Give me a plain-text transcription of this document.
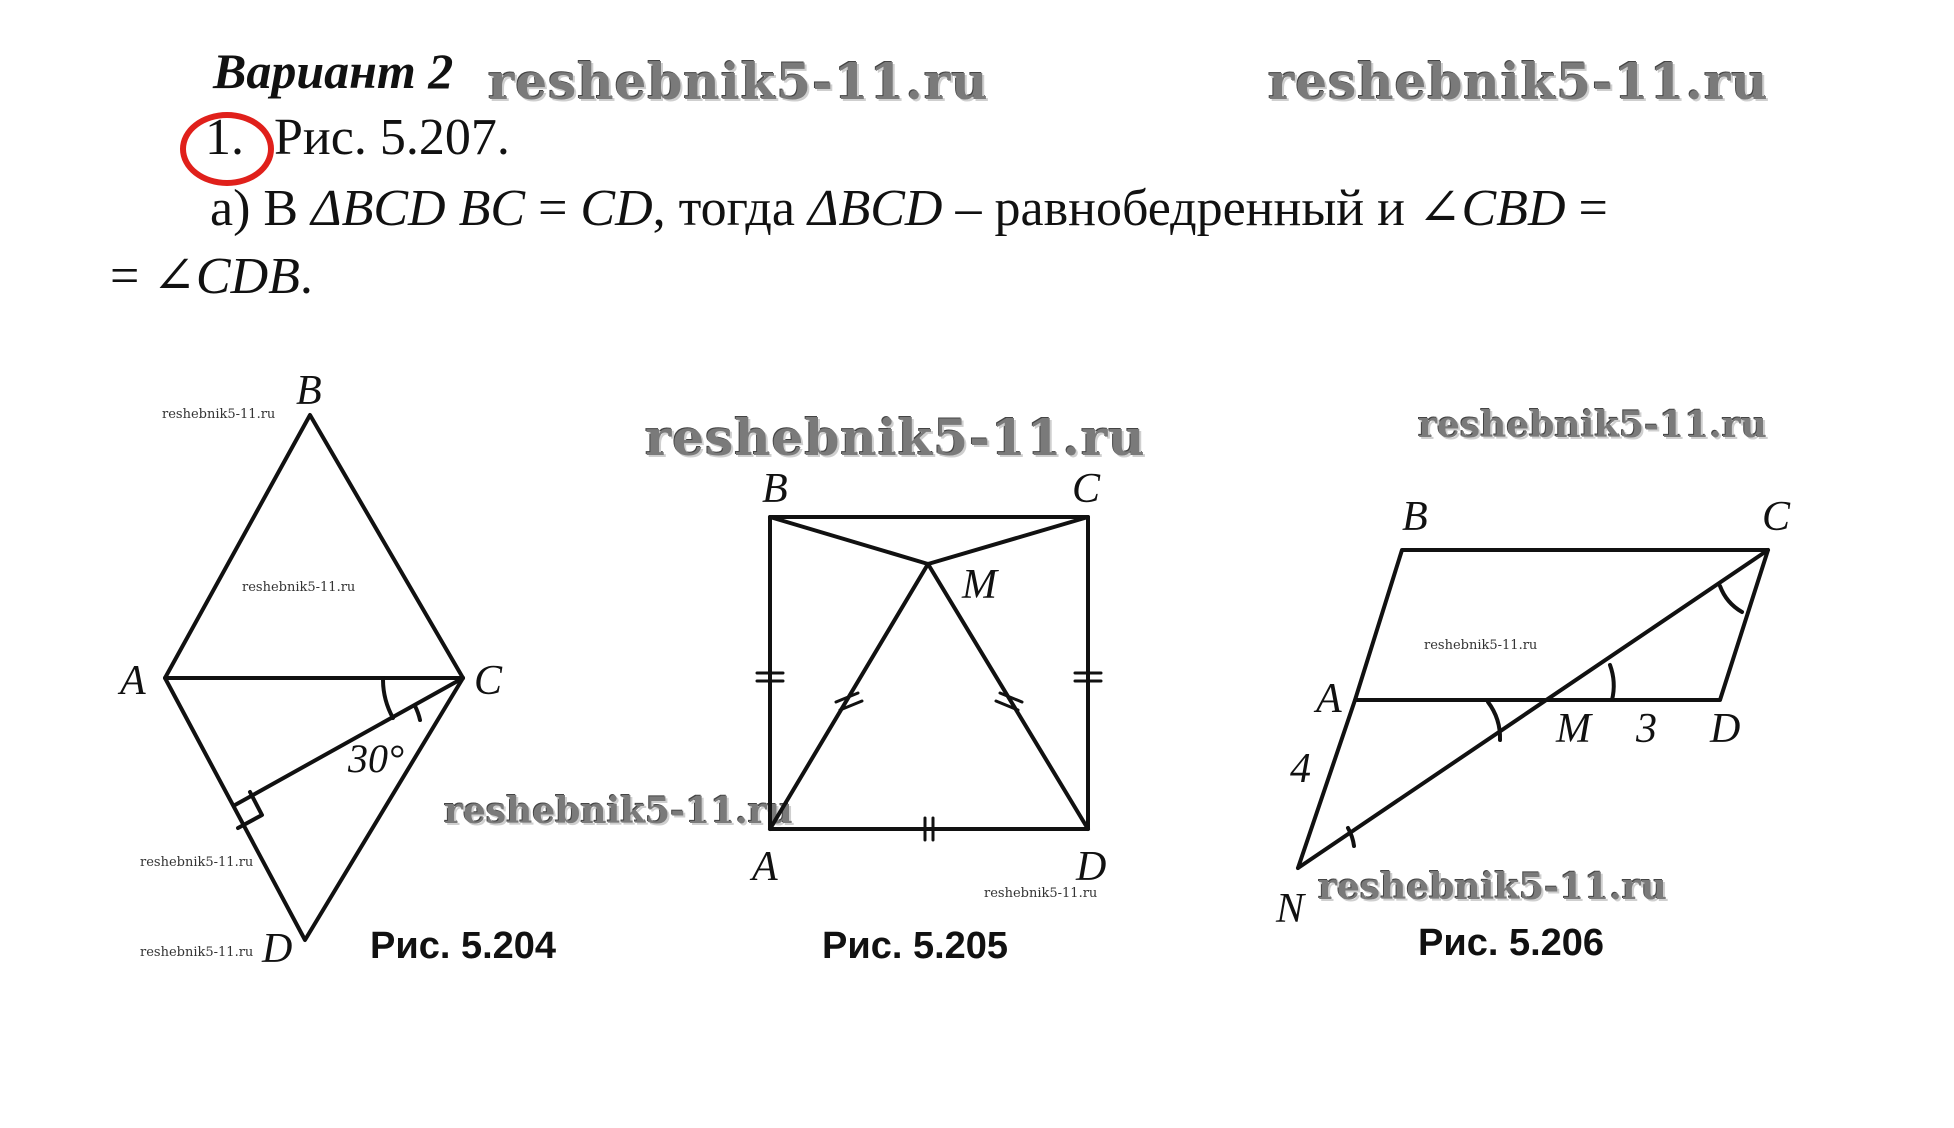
Вариант 2
1. Рис. 5.207.
а) В ΔBCD BC = CD, тогда ΔBCD – равнобедренный и ∠CBD =
= ∠CDB.
reshebnik5-11.ru	reshebnik5-11.ru
reshebnik5-11.ru	reshebnik5-11.ru
reshebnik5-11.ru
reshebnik5-11.ru
reshebnik5-11.ru
reshebnik5-11.ru
reshebnik5-11.ru
reshebnik5-11.ru
reshebnik5-11.ru
reshebnik5-11.ru
Рис. 5.204	Рис. 5.205	Рис. 5.206
B
A	C
D
30°
B	C
M
A	D
B	C
A
M 3 D
4
N
